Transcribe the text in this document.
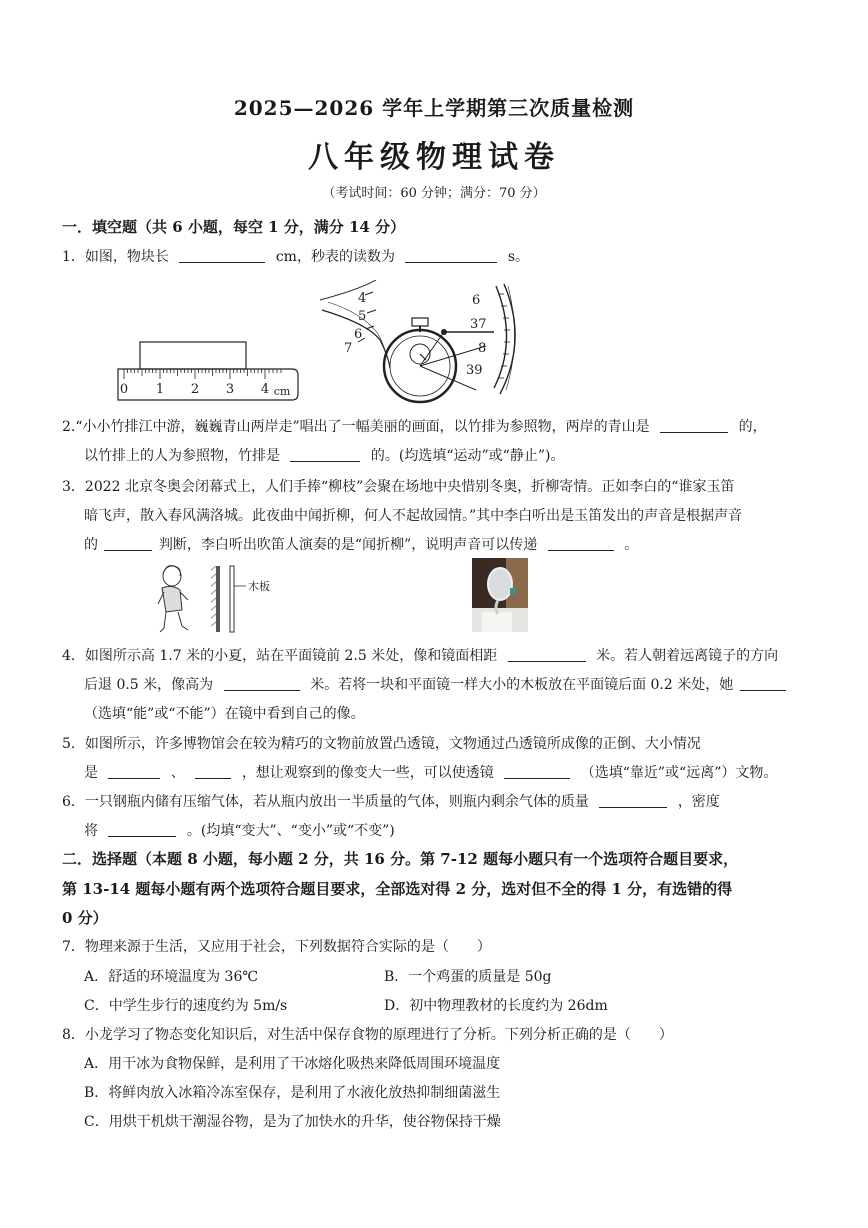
2025—2026 学年上学期第三次质量检测
八年级物理试卷
（考试时间：60 分钟；满分：70 分）
一．填空题（共 6 小题，每空 1 分，满分 14 分）
1．如图，物块长	cm，秒表的读数为	s。
0 1 2 3 4 cm
4
5
6
7
6
37
8
39
2.“小小竹排江中游，巍巍青山两岸走”唱出了一幅美丽的画面，以竹排为参照物，两岸的青山是	的，
以竹排上的人为参照物，竹排是	的。(均选填“运动”或“静止”)。
3．2022 北京冬奥会闭幕式上，人们手捧“柳枝”会聚在场地中央惜别冬奥，折柳寄情。正如李白的“谁家玉笛
暗飞声，散入春风满洛城。此夜曲中闻折柳，何人不起故园情。”其中李白听出是玉笛发出的声音是根据声音
的	判断，李白听出吹笛人演奏的是“闻折柳”，说明声音可以传递	。
木板
4．如图所示高 1.7 米的小夏，站在平面镜前 2.5 米处，像和镜面相距	米。若人朝着远离镜子的方向
后退 0.5 米，像高为	米。若将一块和平面镜一样大小的木板放在平面镜后面 0.2 米处，她
（选填“能”或“不能”）在镜中看到自己的像。
5．如图所示，许多博物馆会在较为精巧的文物前放置凸透镜，文物通过凸透镜所成像的正倒、大小情况
是	、	，想让观察到的像变大一些，可以使透镜	（选填“靠近”或“远离”）文物。
6．一只钢瓶内储有压缩气体，若从瓶内放出一半质量的气体，则瓶内剩余气体的质量	，密度
将	。(均填“变大”、“变小”或“不变”)
二．选择题（本题 8 小题，每小题 2 分，共 16 分。第 7-12 题每小题只有一个选项符合题目要求，
第 13-14 题每小题有两个选项符合题目要求，全部选对得 2 分，选对但不全的得 1 分，有选错的得
0 分）
7．物理来源于生活，又应用于社会，下列数据符合实际的是（　　）
A．舒适的环境温度为 36℃	B．一个鸡蛋的质量是 50g
C．中学生步行的速度约为 5m/s	D．初中物理教材的长度约为 26dm
8．小龙学习了物态变化知识后，对生活中保存食物的原理进行了分析。下列分析正确的是（　　）
A．用干冰为食物保鲜，是利用了干冰熔化吸热来降低周围环境温度
B．将鲜肉放入冰箱冷冻室保存，是利用了水液化放热抑制细菌滋生
C．用烘干机烘干潮湿谷物，是为了加快水的升华，使谷物保持干燥
